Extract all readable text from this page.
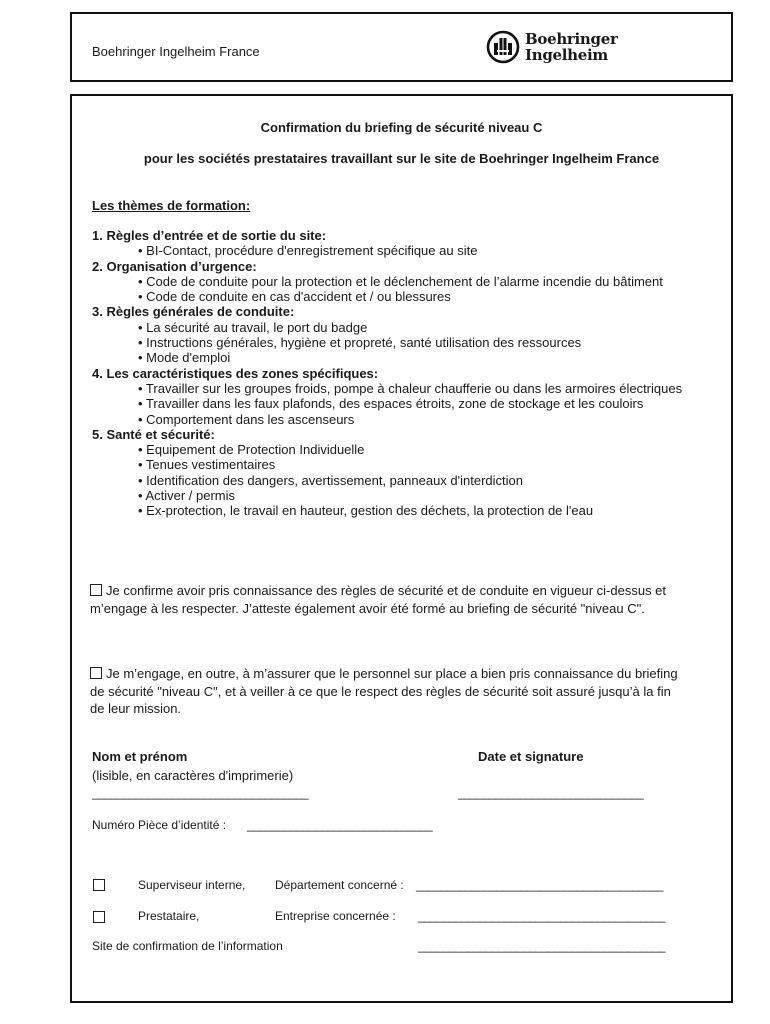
Boehringer Ingelheim France
Boehringer
Ingelheim
Confirmation du briefing de sécurité niveau C
pour les sociétés prestataires travaillant sur le site de Boehringer Ingelheim France
Les thèmes de formation:
1. Règles d’entrée et de sortie du site:
• BI-Contact, procédure d'enregistrement spécifique au site
2. Organisation d’urgence:
• Code de conduite pour la protection et le déclenchement de l’alarme incendie du bâtiment
• Code de conduite en cas d'accident et / ou blessures
3. Règles générales de conduite:
• La sécurité au travail, le port du badge
• Instructions générales, hygiène et propreté, santé utilisation des ressources
• Mode d'emploi
4. Les caractéristiques des zones spécifiques:
• Travailler sur les groupes froids, pompe à chaleur chaufferie ou dans les armoires électriques
• Travailler dans les faux plafonds, des espaces étroits, zone de stockage et les couloirs
• Comportement dans les ascenseurs
5. Santé et sécurité:
• Equipement de Protection Individuelle
• Tenues vestimentaires
• Identification des dangers, avertissement, panneaux d'interdiction
• Activer / permis
• Ex-protection, le travail en hauteur, gestion des déchets, la protection de l'eau
Je confirme avoir pris connaissance des règles de sécurité et de conduite en vigueur ci-dessus et m’engage à les respecter. J’atteste également avoir été formé au briefing de sécurité "niveau C".
Je m’engage, en outre, à m’assurer que le personnel sur place a bien pris connaissance du briefing de sécurité "niveau C", et à veiller à ce que le respect des règles de sécurité soit assuré jusqu’à la fin de leur mission.
Nom et prénom
(lisible, en caractères d'imprimerie)
Date et signature
___________________________________	______________________________
Numéro Pièce d’identité : ______________________________
Superviseur interne, Département concerné : ________________________________________
Prestataire,	Entreprise concernée : ________________________________________
Site de confirmation de l’information	________________________________________
